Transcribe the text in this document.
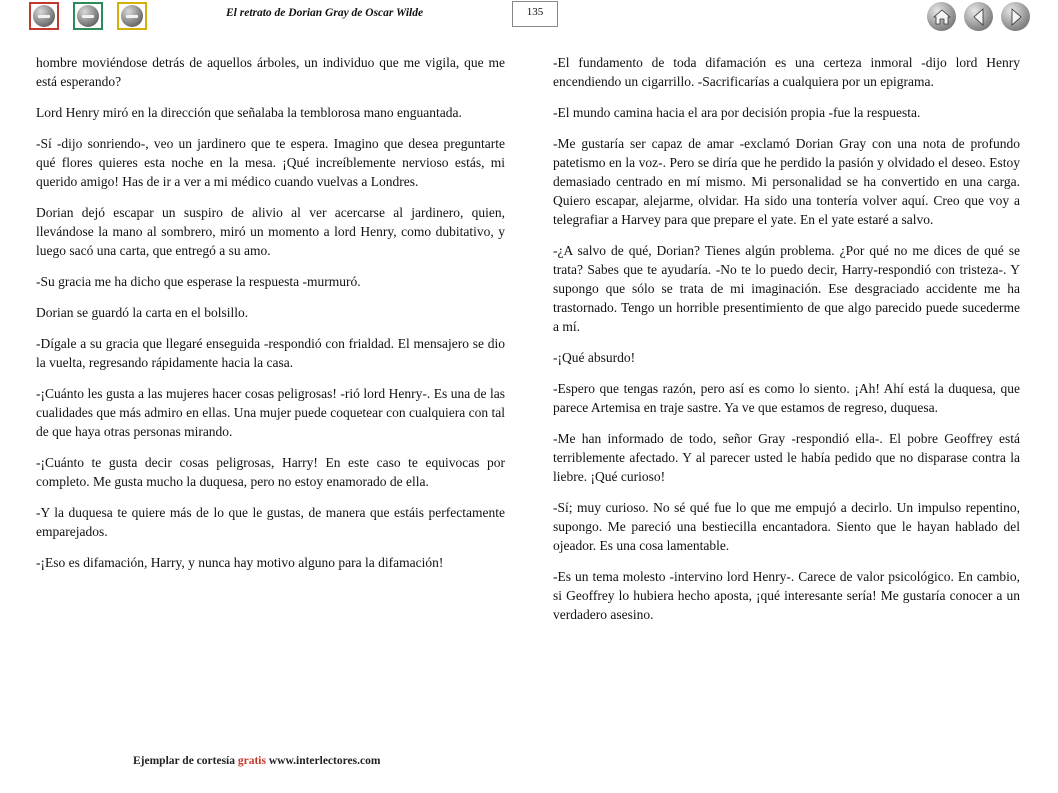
El retrato de Dorian Gray de Oscar Wilde	135

hombre moviéndose detrás de aquellos árboles, un individuo que me vigila, que me está esperando?

Lord Henry miró en la dirección que señalaba la temblorosa mano enguantada.

-Sí -dijo sonriendo-, veo un jardinero que te espera. Imagino que desea preguntarte qué flores quieres esta noche en la mesa. ¡Qué increíblemente nervioso estás, mi querido amigo! Has de ir a ver a mi médico cuando vuelvas a Londres.

Dorian dejó escapar un suspiro de alivio al ver acercarse al jardinero, quien, llevándose la mano al sombrero, miró un momento a lord Henry, como dubitativo, y luego sacó una carta, que entregó a su amo.

-Su gracia me ha dicho que esperase la respuesta -murmuró.

Dorian se guardó la carta en el bolsillo.

-Dígale a su gracia que llegaré enseguida -respondió con frialdad. El mensajero se dio la vuelta, regresando rápidamente hacia la casa.

-¡Cuánto les gusta a las mujeres hacer cosas peligrosas! -rió lord Henry-. Es una de las cualidades que más admiro en ellas. Una mujer puede coquetear con cualquiera con tal de que haya otras personas mirando.

-¡Cuánto te gusta decir cosas peligrosas, Harry! En este caso te equivocas por completo. Me gusta mucho la duquesa, pero no estoy enamorado de ella.

-Y la duquesa te quiere más de lo que le gustas, de manera que estáis perfectamente emparejados.

-¡Eso es difamación, Harry, y nunca hay motivo alguno para la difamación!

-El fundamento de toda difamación es una certeza inmoral -dijo lord Henry encendiendo un cigarrillo. -Sacrificarías a cualquiera por un epigrama.

-El mundo camina hacia el ara por decisión propia -fue la respuesta.

-Me gustaría ser capaz de amar -exclamó Dorian Gray con una nota de profundo patetismo en la voz-. Pero se diría que he perdido la pasión y olvidado el deseo. Estoy demasiado centrado en mí mismo. Mi personalidad se ha convertido en una carga. Quiero escapar, alejarme, olvidar. Ha sido una tontería volver aquí. Creo que voy a telegrafiar a Harvey para que prepare el yate. En el yate estaré a salvo.

-¿A salvo de qué, Dorian? Tienes algún problema. ¿Por qué no me dices de qué se trata? Sabes que te ayudaría. -No te lo puedo decir, Harry-respondió con tristeza-. Y supongo que sólo se trata de mi imaginación. Ese desgraciado accidente me ha trastornado. Tengo un horrible presentimiento de que algo parecido puede sucederme a mí.

-¡Qué absurdo!

-Espero que tengas razón, pero así es como lo siento. ¡Ah! Ahí está la duquesa, que parece Artemisa en traje sastre. Ya ve que estamos de regreso, duquesa.

-Me han informado de todo, señor Gray -respondió ella-. El pobre Geoffrey está terriblemente afectado. Y al parecer usted le había pedido que no disparase contra la liebre. ¡Qué curioso!

-Sí; muy curioso. No sé qué fue lo que me empujó a decirlo. Un impulso repentino, supongo. Me pareció una bestiecilla encantadora. Siento que le hayan hablado del ojeador. Es una cosa lamentable.

-Es un tema molesto -intervino lord Henry-. Carece de valor psicológico. En cambio, si Geoffrey lo hubiera hecho aposta, ¡qué interesante sería! Me gustaría conocer a un verdadero asesino.

Ejemplar de cortesía gratis www.interlectores.com
